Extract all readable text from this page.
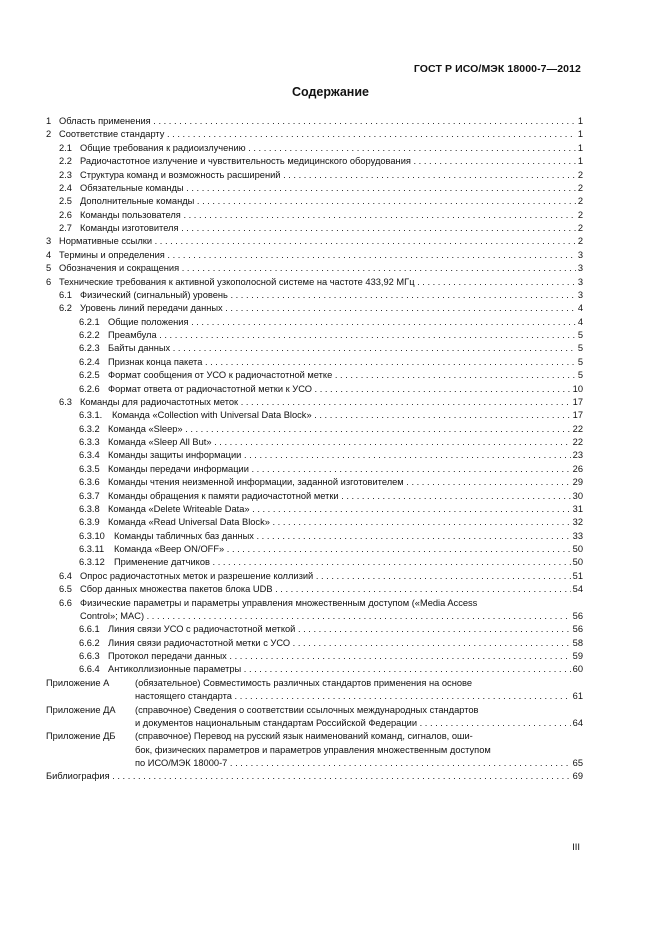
ГОСТ Р ИСО/МЭК 18000-7—2012
Содержание
1 Область применения . . .	1
2 Соответствие стандарту . . .	1
2.1 Общие требования к радиоизлучению . . .	1
2.2 Радиочастотное излучение и чувствительность медицинского оборудования . . .	1
2.3 Структура команд и возможность расширений . . .	2
2.4 Обязательные команды . . .	2
2.5 Дополнительные команды . . .	2
2.6 Команды пользователя . . .	2
2.7 Команды изготовителя . . .	2
3 Нормативные ссылки . . .	2
4 Термины и определения . . .	3
5 Обозначения и сокращения . . .	3
6 Технические требования к активной узкополосной системе на частоте 433,92 МГц . . .	3
6.1 Физический (сигнальный) уровень . . .	3
6.2 Уровень линий передачи данных . . .	4
6.2.1 Общие положения . . .	4
6.2.2 Преамбула . . .	5
6.2.3 Байты данных . . .	5
6.2.4 Признак конца пакета . . .	5
6.2.5 Формат сообщения от УСО к радиочастотной метке . . .	5
6.2.6 Формат ответа от радиочастотной метки к УСО . . .	10
6.3 Команды для радиочастотных меток . . .	17
6.3.1. Команда «Collection with Universal Data Block» . . .	17
6.3.2 Команда «Sleep» . . .	22
6.3.3 Команда «Sleep All But» . . .	22
6.3.4 Команды защиты информации . . .	23
6.3.5 Команды передачи информации . . .	26
6.3.6 Команды чтения неизменной информации, заданной изготовителем . . .	29
6.3.7 Команды обращения к памяти радиочастотной метки . . .	30
6.3.8 Команда «Delete Writeable Data» . . .	31
6.3.9 Команда «Read Universal Data Block» . . .	32
6.3.10 Команды табличных баз данных . . .	33
6.3.11 Команда «Beep ON/OFF» . . .	50
6.3.12 Применение датчиков . . .	50
6.4 Опрос радиочастотных меток и разрешение коллизий . . .	51
6.5 Сбор данных множества пакетов блока UDB . . .	54
6.6 Физические параметры и параметры управления множественным доступом («Media Access
Control»; MAC) . . .	56
6.6.1 Линия связи УСО с радиочастотной меткой . . .	56
6.6.2 Линия связи радиочастотной метки с УСО . . .	58
6.6.3 Протокол передачи данных . . .	59
6.6.4 Антиколлизионные параметры . . .	60
Приложение А	(обязательное) Совместимость различных стандартов применения на основе
настоящего стандарта . . .	61
Приложение ДА (справочное) Сведения о соответствии ссылочных международных стандартов
и документов национальным стандартам Российской Федерации . . .	64
Приложение ДБ (справочное) Перевод на русский язык наименований команд, сигналов, оши-
бок, физических параметров и параметров управления множественным доступом
по ИСО/МЭК 18000-7 . . .	65
Библиография . . .	69
III
